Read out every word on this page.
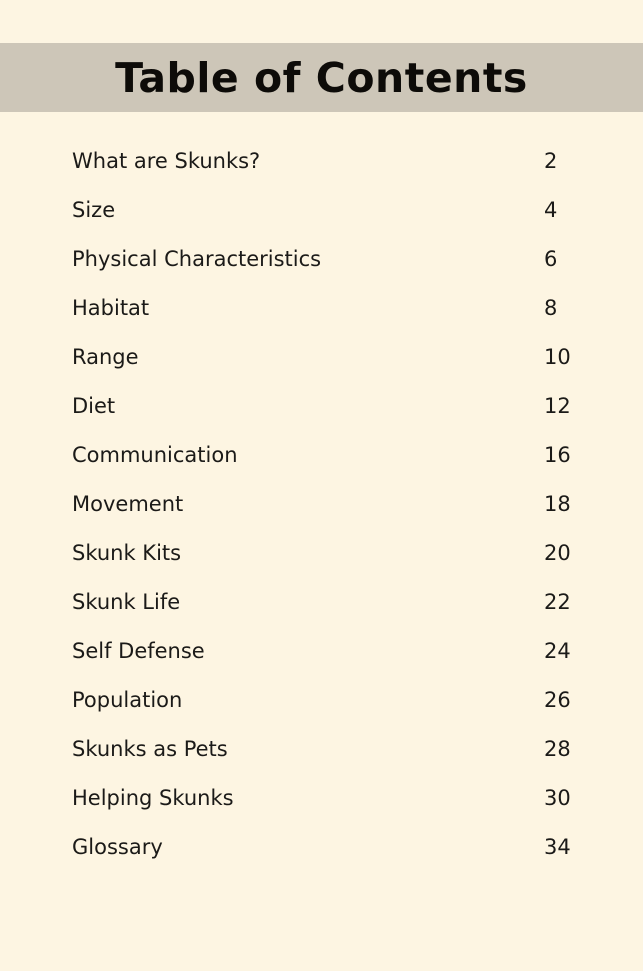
Table of Contents
What are Skunks?	2
Size	4
Physical Characteristics	6
Habitat	8
Range	10
Diet	12
Communication	16
Movement	18
Skunk Kits	20
Skunk Life	22
Self Defense	24
Population	26
Skunks as Pets	28
Helping Skunks	30
Glossary	34
